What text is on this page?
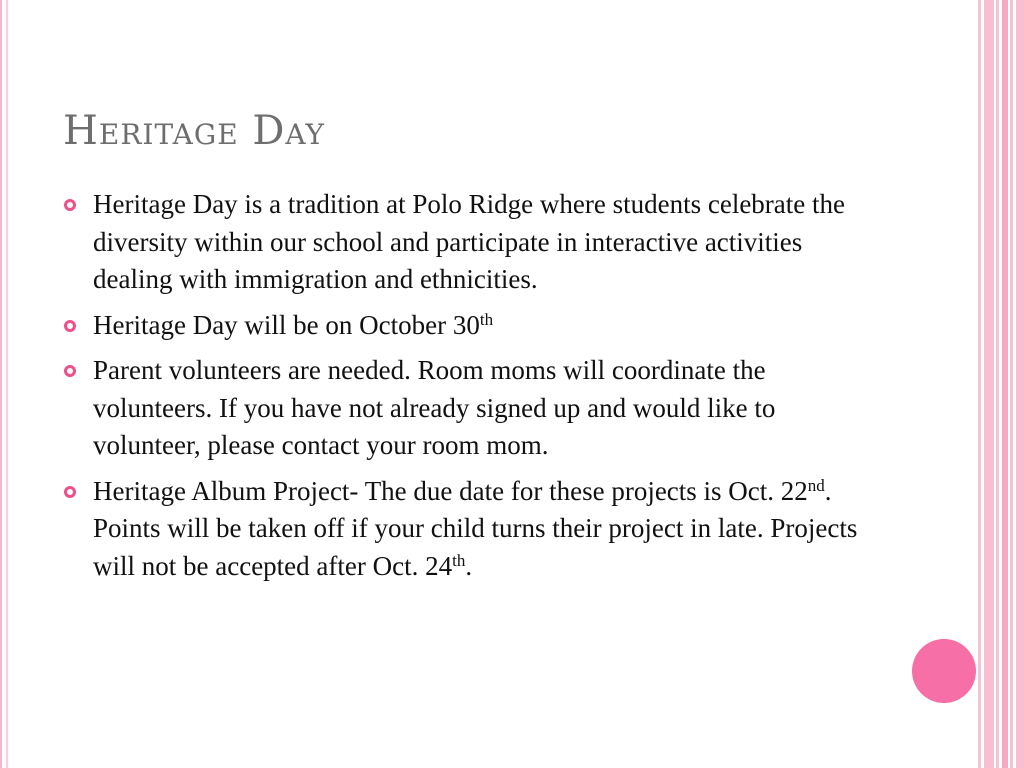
Heritage Day
Heritage Day is a tradition at Polo Ridge where students celebrate the diversity within our school and participate in interactive activities dealing with immigration and ethnicities.
Heritage Day will be on October 30th
Parent volunteers are needed. Room moms will coordinate the volunteers. If you have not already signed up and would like to volunteer, please contact your room mom.
Heritage Album Project- The due date for these projects is Oct. 22nd. Points will be taken off if your child turns their project in late. Projects will not be accepted after Oct. 24th.
